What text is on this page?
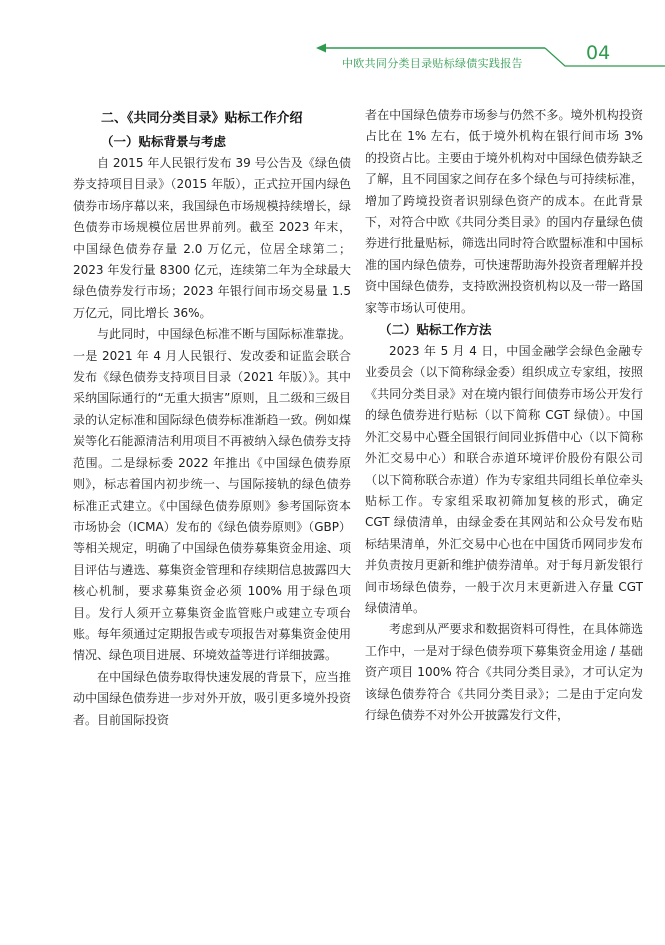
中欧共同分类目录贴标绿债实践报告	04
二、《共同分类目录》贴标工作介绍
（一）贴标背景与考虑

自 2015 年人民银行发布 39 号公告及《绿色债券支持项目目录》（2015 年版），正式拉开国内绿色债券市场序幕以来，我国绿色市场规模持续增长，绿色债券市场规模位居世界前列。截至 2023 年末，中国绿色债券存量 2.0 万亿元，位居全球第二；2023 年发行量 8300 亿元，连续第二年为全球最大绿色债券发行市场；2023 年银行间市场交易量 1.5 万亿元，同比增长 36%。

与此同时，中国绿色标准不断与国际标准靠拢。一是 2021 年 4 月人民银行、发改委和证监会联合发布《绿色债券支持项目目录（2021 年版）》。其中采纳国际通行的“无重大损害”原则，且二级和三级目录的认定标准和国际绿色债券标准渐趋一致。例如煤炭等化石能源清洁利用项目不再被纳入绿色债券支持范围。二是绿标委 2022 年推出《中国绿色债券原则》，标志着国内初步统一、与国际接轨的绿色债券标准正式建立。《中国绿色债券原则》参考国际资本市场协会（ICMA）发布的《绿色债券原则》（GBP）等相关规定，明确了中国绿色债券募集资金用途、项目评估与遴选、募集资金管理和存续期信息披露四大核心机制，要求募集资金必须 100% 用于绿色项目。发行人须开立募集资金监管账户或建立专项台账。每年须通过定期报告或专项报告对募集资金使用情况、绿色项目进展、环境效益等进行详细披露。

在中国绿色债券取得快速发展的背景下，应当推动中国绿色债券进一步对外开放，吸引更多境外投资者。目前国际投资

者在中国绿色债券市场参与仍然不多。境外机构投资占比在 1% 左右，低于境外机构在银行间市场 3% 的投资占比。主要由于境外机构对中国绿色债券缺乏了解，且不同国家之间存在多个绿色与可持续标准，增加了跨境投资者识别绿色资产的成本。在此背景下，对符合中欧《共同分类目录》的国内存量绿色债券进行批量贴标，筛选出同时符合欧盟标准和中国标准的国内绿色债券，可快速帮助海外投资者理解并投资中国绿色债券，支持欧洲投资机构以及一带一路国家等市场认可使用。

（二）贴标工作方法

2023 年 5 月 4 日，中国金融学会绿色金融专业委员会（以下简称绿金委）组织成立专家组，按照《共同分类目录》对在境内银行间债券市场公开发行的绿色债券进行贴标（以下简称 CGT 绿债）。中国外汇交易中心暨全国银行间同业拆借中心（以下简称外汇交易中心）和联合赤道环境评价股份有限公司（以下简称联合赤道）作为专家组共同组长单位牵头贴标工作。专家组采取初筛加复核的形式，确定 CGT 绿债清单，由绿金委在其网站和公众号发布贴标结果清单，外汇交易中心也在中国货币网同步发布并负责按月更新和维护债券清单。对于每月新发银行间市场绿色债券，一般于次月末更新进入存量 CGT 绿债清单。

考虑到从严要求和数据资料可得性，在具体筛选工作中，一是对于绿色债券项下募集资金用途 / 基础资产项目 100% 符合《共同分类目录》，才可认定为该绿色债券符合《共同分类目录》；二是由于定向发行绿色债券不对外公开披露发行文件，
